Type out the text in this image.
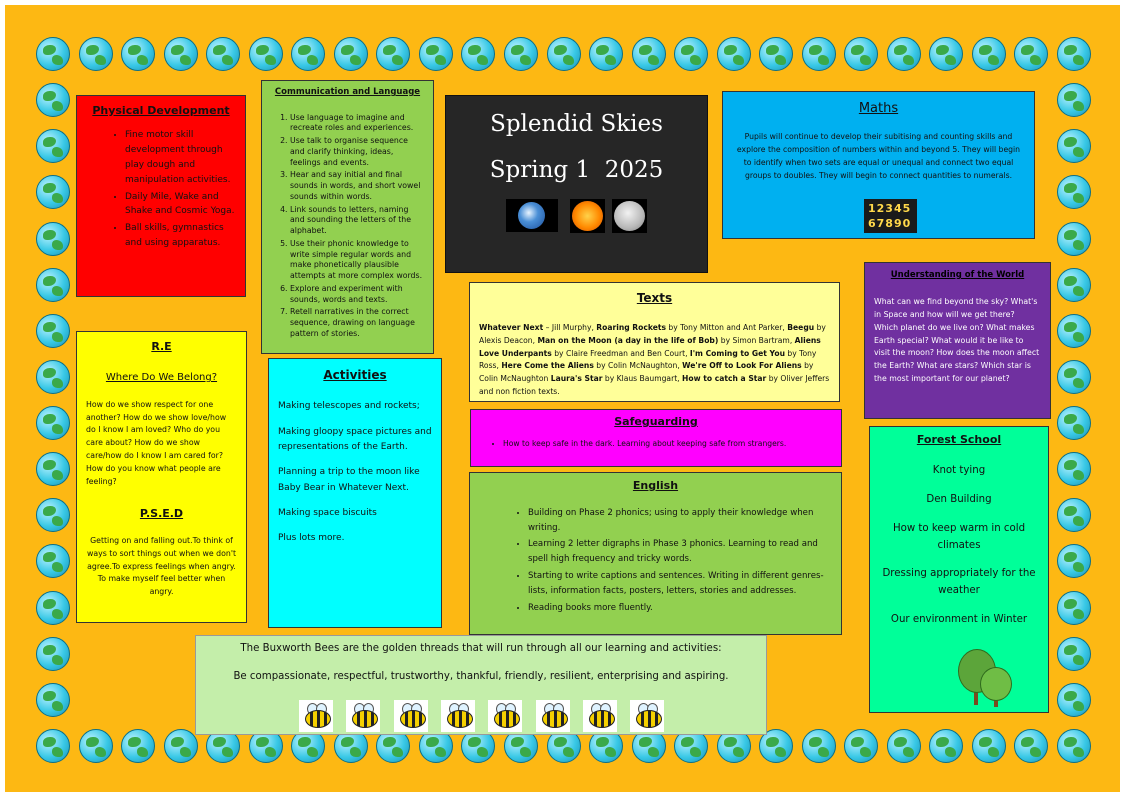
Physical Development
• Fine motor skill development through play dough and manipulation activities.
• Daily Mile, Wake and Shake and Cosmic Yoga.
• Ball skills, gymnastics and using apparatus.
Communication and Language
1. Use language to imagine and recreate roles and experiences.
2. Use talk to organise sequence and clarify thinking, ideas, feelings and events.
3. Hear and say initial and final sounds in words, and short vowel sounds within words.
4. Link sounds to letters, naming and sounding the letters of the alphabet.
5. Use their phonic knowledge to write simple regular words and make phonetically plausible attempts at more complex words.
6. Explore and experiment with sounds, words and texts.
7. Retell narratives in the correct sequence, drawing on language pattern of stories.
Splendid Skies
Spring 1  2025
Maths
Pupils will continue to develop their subitising and counting skills and explore the composition of numbers within and beyond 5. They will begin to identify when two sets are equal or unequal and connect two equal groups to doubles. They will begin to connect quantities to numerals.
1234567890
Understanding of the World
What can we find beyond the sky? What's in Space and how will we get there? Which planet do we live on? What makes Earth special? What would it be like to visit the moon? How does the moon affect the Earth? What are stars? Which star is the most important for our planet?
Texts
Whatever Next – Jill Murphy, Roaring Rockets by Tony Mitton and Ant Parker, Beegu by Alexis Deacon, Man on the Moon (a day in the life of Bob) by Simon Bartram, Aliens Love Underpants by Claire Freedman and Ben Court, I'm Coming to Get You by Tony Ross, Here Come the Aliens by Colin McNaughton, We're Off to Look For Aliens by Colin McNaughton Laura's Star by Klaus Baumgart, How to catch a Star by Oliver Jeffers and non fiction texts.
R.E
Where Do We Belong?
How do we show respect for one another? How do we show love/how do I know I am loved? Who do you care about? How do we show care/how do I know I am cared for? How do you know what people are feeling?
P.S.E.D
Getting on and falling out.To think of ways to sort things out when we don't agree.To express feelings when angry. To make myself feel better when angry.
Activities

Making telescopes and rockets;

Making gloopy space pictures and representations of the Earth.

Planning a trip to the moon like Baby Bear in Whatever Next.

Making space biscuits

Plus lots more.

Safeguarding
• How to keep safe in the dark. Learning about keeping safe from strangers.
English
• Building on Phase 2 phonics; using to apply their knowledge when writing.
• Learning 2 letter digraphs in Phase 3 phonics. Learning to read and spell high frequency and tricky words.
• Starting to write captions and sentences. Writing in different genres- lists, information facts, posters, letters, stories and addresses.
• Reading books more fluently.
Forest School

Knot tying

Den Building

How to keep warm in cold climates

Dressing appropriately for the weather

Our environment in Winter

The Buxworth Bees are the golden threads that will run through all our learning and activities:
Be compassionate, respectful, trustworthy, thankful, friendly, resilient, enterprising and aspiring.
